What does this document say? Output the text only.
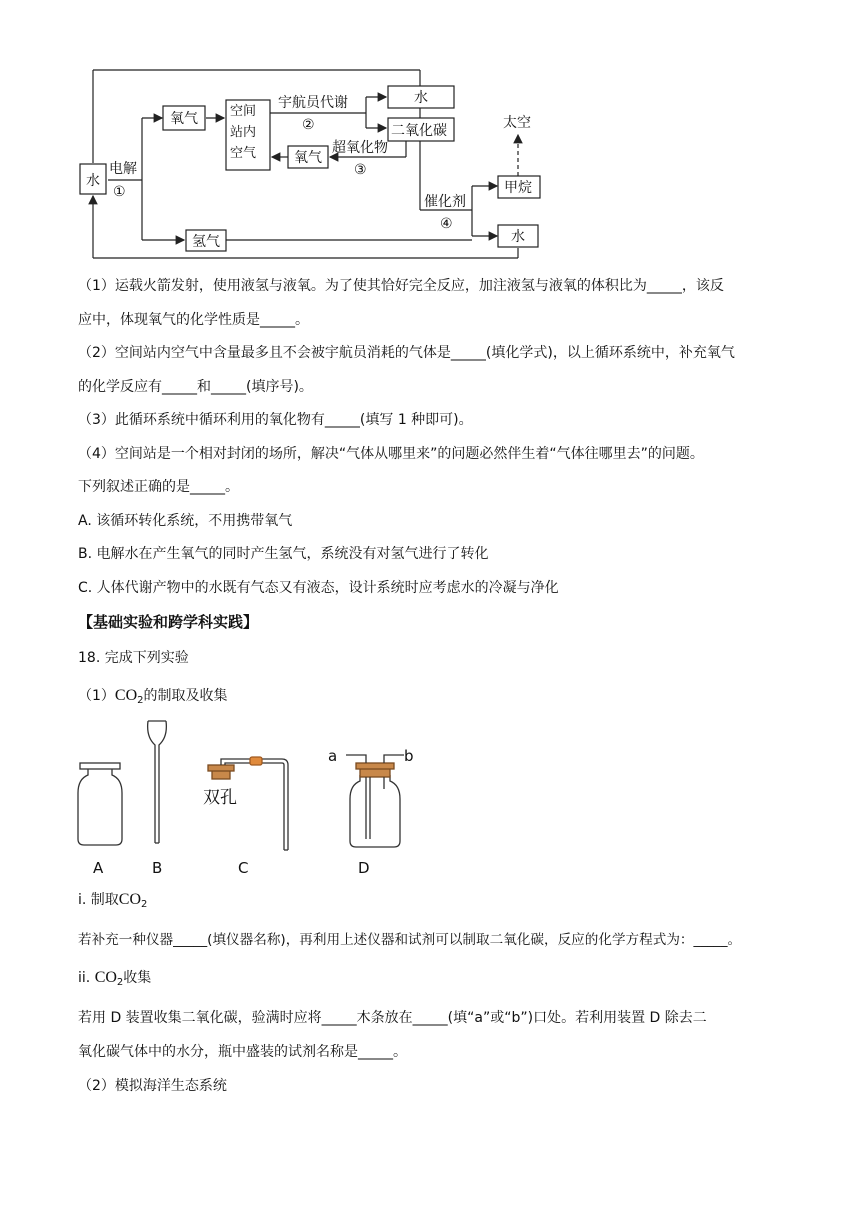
水
电解
①
氧气 空 间
站内
空气
宇航员代谢
②
水
二氧化碳
氧气
超氧化物
③
太空
催化剂
④
甲烷
水
氢气
（1）运载火箭发射，使用液氢与液氧。为了使其恰好完全反应，加注液氢与液氧的体积比为_____，该反
应中，体现氧气的化学性质是_____。
（2）空间站内空气中含量最多且不会被宇航员消耗的气体是_____(填化学式)，以上循环系统中，补充氧气
的化学反应有_____和_____(填序号)。
（3）此循环系统中循环利用的氧化物有_____(填写 1 种即可)。
（4）空间站是一个相对封闭的场所，解决“气体从哪里来”的问题必然伴生着“气体往哪里去”的问题。
下列叙述正确的是_____。
A. 该循环转化系统，不用携带氧气
B. 电解水在产生氧气的同时产生氢气，系统没有对氢气进行了转化
C. 人体代谢产物中的水既有气态又有液态，设计系统时应考虑水的冷凝与净化
【基础实验和跨学科实践】
18. 完成下列实验
$(1)CO_2$的制取及收集
A	B	C	D
a	b
双孔
i. 制取$CO_2$
若补充一种仪器_____(填仪器名称)，再利用上述仪器和试剂可以制取二氧化碳，反应的化学方程式为：_____。
ii. $CO_2$收集
若用 D 装置收集二氧化碳，验满时应将_____木条放在_____(填“a”或“b”)口处。若利用装置 D 除去二
氧化碳气体中的水分，瓶中盛装的试剂名称是_____。
（2）模拟海洋生态系统
